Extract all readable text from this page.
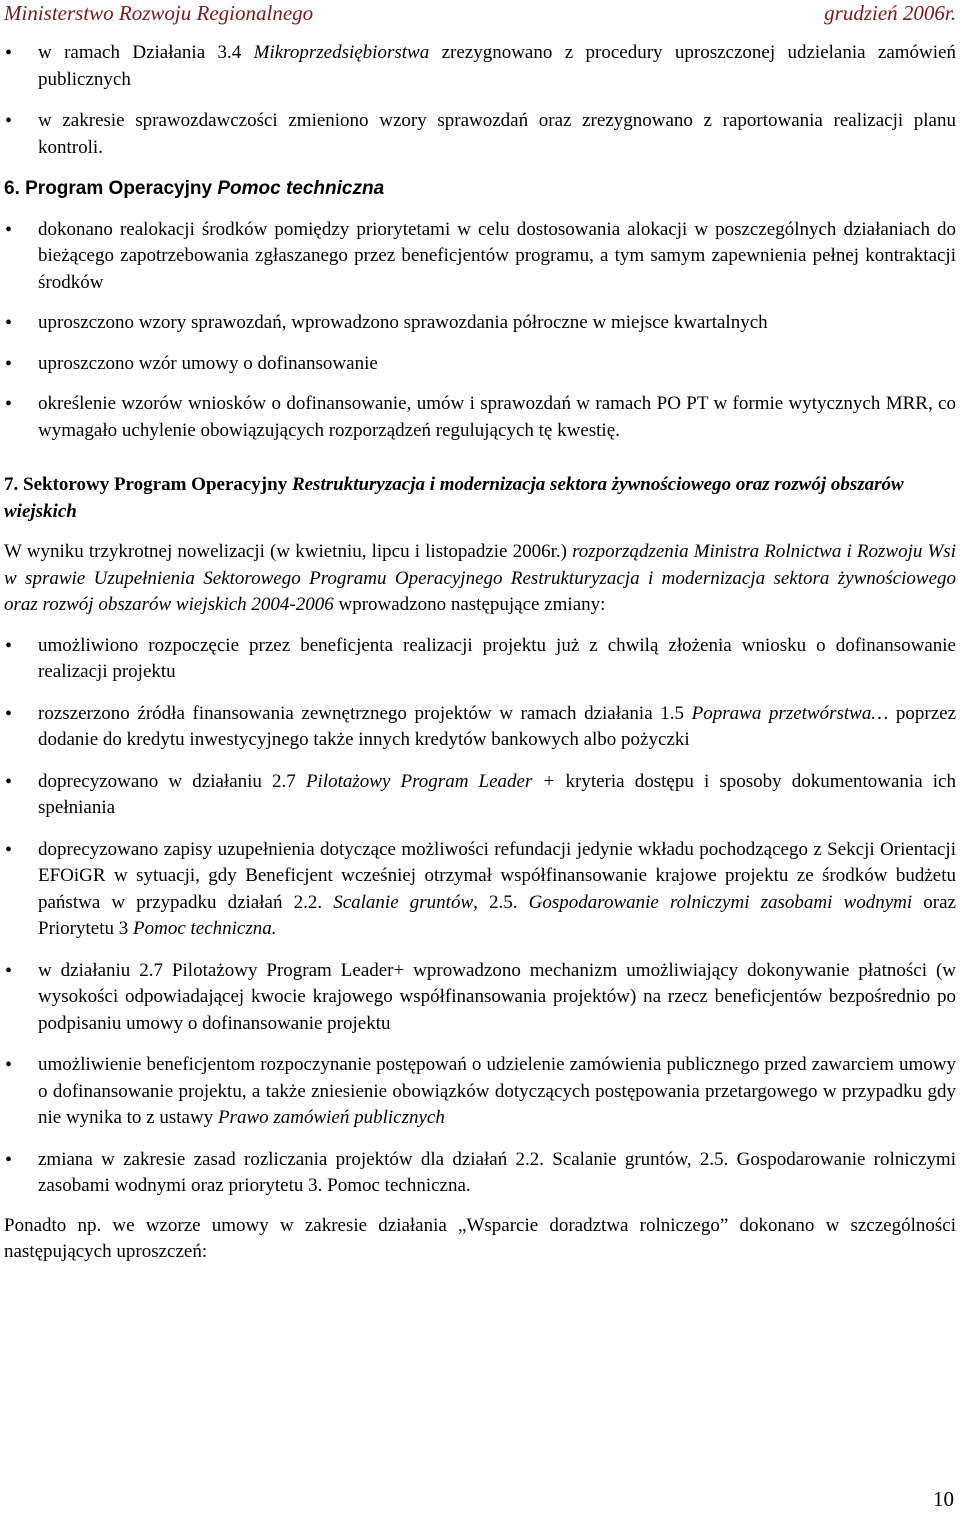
Ministerstwo Rozwoju Regionalnego	grudzień 2006r.
• w ramach Działania 3.4 Mikroprzedsiębiorstwa zrezygnowano z procedury uproszczonej udzielania zamówień publicznych
• w zakresie sprawozdawczości zmieniono wzory sprawozdań oraz zrezygnowano z raportowania realizacji planu kontroli.

6. Program Operacyjny Pomoc techniczna

• dokonano realokacji środków pomiędzy priorytetami w celu dostosowania alokacji w poszczególnych działaniach do bieżącego zapotrzebowania zgłaszanego przez beneficjentów programu, a tym samym zapewnienia pełnej kontraktacji środków
• uproszczono wzory sprawozdań, wprowadzono sprawozdania półroczne w miejsce kwartalnych
• uproszczono wzór umowy o dofinansowanie
• określenie wzorów wniosków o dofinansowanie, umów i sprawozdań w ramach PO PT w formie wytycznych MRR, co wymagało uchylenie obowiązujących rozporządzeń regulujących tę kwestię.

7. Sektorowy Program Operacyjny Restrukturyzacja i modernizacja sektora żywnościowego oraz rozwój obszarów wiejskich

W wyniku trzykrotnej nowelizacji (w kwietniu, lipcu i listopadzie 2006r.) rozporządzenia Ministra Rolnictwa i Rozwoju Wsi w sprawie Uzupełnienia Sektorowego Programu Operacyjnego Restrukturyzacja i modernizacja sektora żywnościowego oraz rozwój obszarów wiejskich 2004-2006 wprowadzono następujące zmiany:

• umożliwiono rozpoczęcie przez beneficjenta realizacji projektu już z chwilą złożenia wniosku o dofinansowanie realizacji projektu
• rozszerzono źródła finansowania zewnętrznego projektów w ramach działania 1.5 Poprawa przetwórstwa… poprzez dodanie do kredytu inwestycyjnego także innych kredytów bankowych albo pożyczki
• doprecyzowano w działaniu 2.7 Pilotażowy Program Leader + kryteria dostępu i sposoby dokumentowania ich spełniania
• doprecyzowano zapisy uzupełnienia dotyczące możliwości refundacji jedynie wkładu pochodzącego z Sekcji Orientacji EFOiGR w sytuacji, gdy Beneficjent wcześniej otrzymał współfinansowanie krajowe projektu ze środków budżetu państwa w przypadku działań 2.2. Scalanie gruntów, 2.5. Gospodarowanie rolniczymi zasobami wodnymi oraz Priorytetu 3 Pomoc techniczna.
• w działaniu 2.7 Pilotażowy Program Leader+ wprowadzono mechanizm umożliwiający dokonywanie płatności (w wysokości odpowiadającej kwocie krajowego współfinansowania projektów) na rzecz beneficjentów bezpośrednio po podpisaniu umowy o dofinansowanie projektu
• umożliwienie beneficjentom rozpoczynanie postępowań o udzielenie zamówienia publicznego przed zawarciem umowy o dofinansowanie projektu, a także zniesienie obowiązków dotyczących postępowania przetargowego w przypadku gdy nie wynika to z ustawy Prawo zamówień publicznych
• zmiana w zakresie zasad rozliczania projektów dla działań 2.2. Scalanie gruntów, 2.5. Gospodarowanie rolniczymi zasobami wodnymi oraz priorytetu 3. Pomoc techniczna.

Ponadto np. we wzorze umowy w zakresie działania „Wsparcie doradztwa rolniczego” dokonano w szczególności następujących uproszczeń:

10
